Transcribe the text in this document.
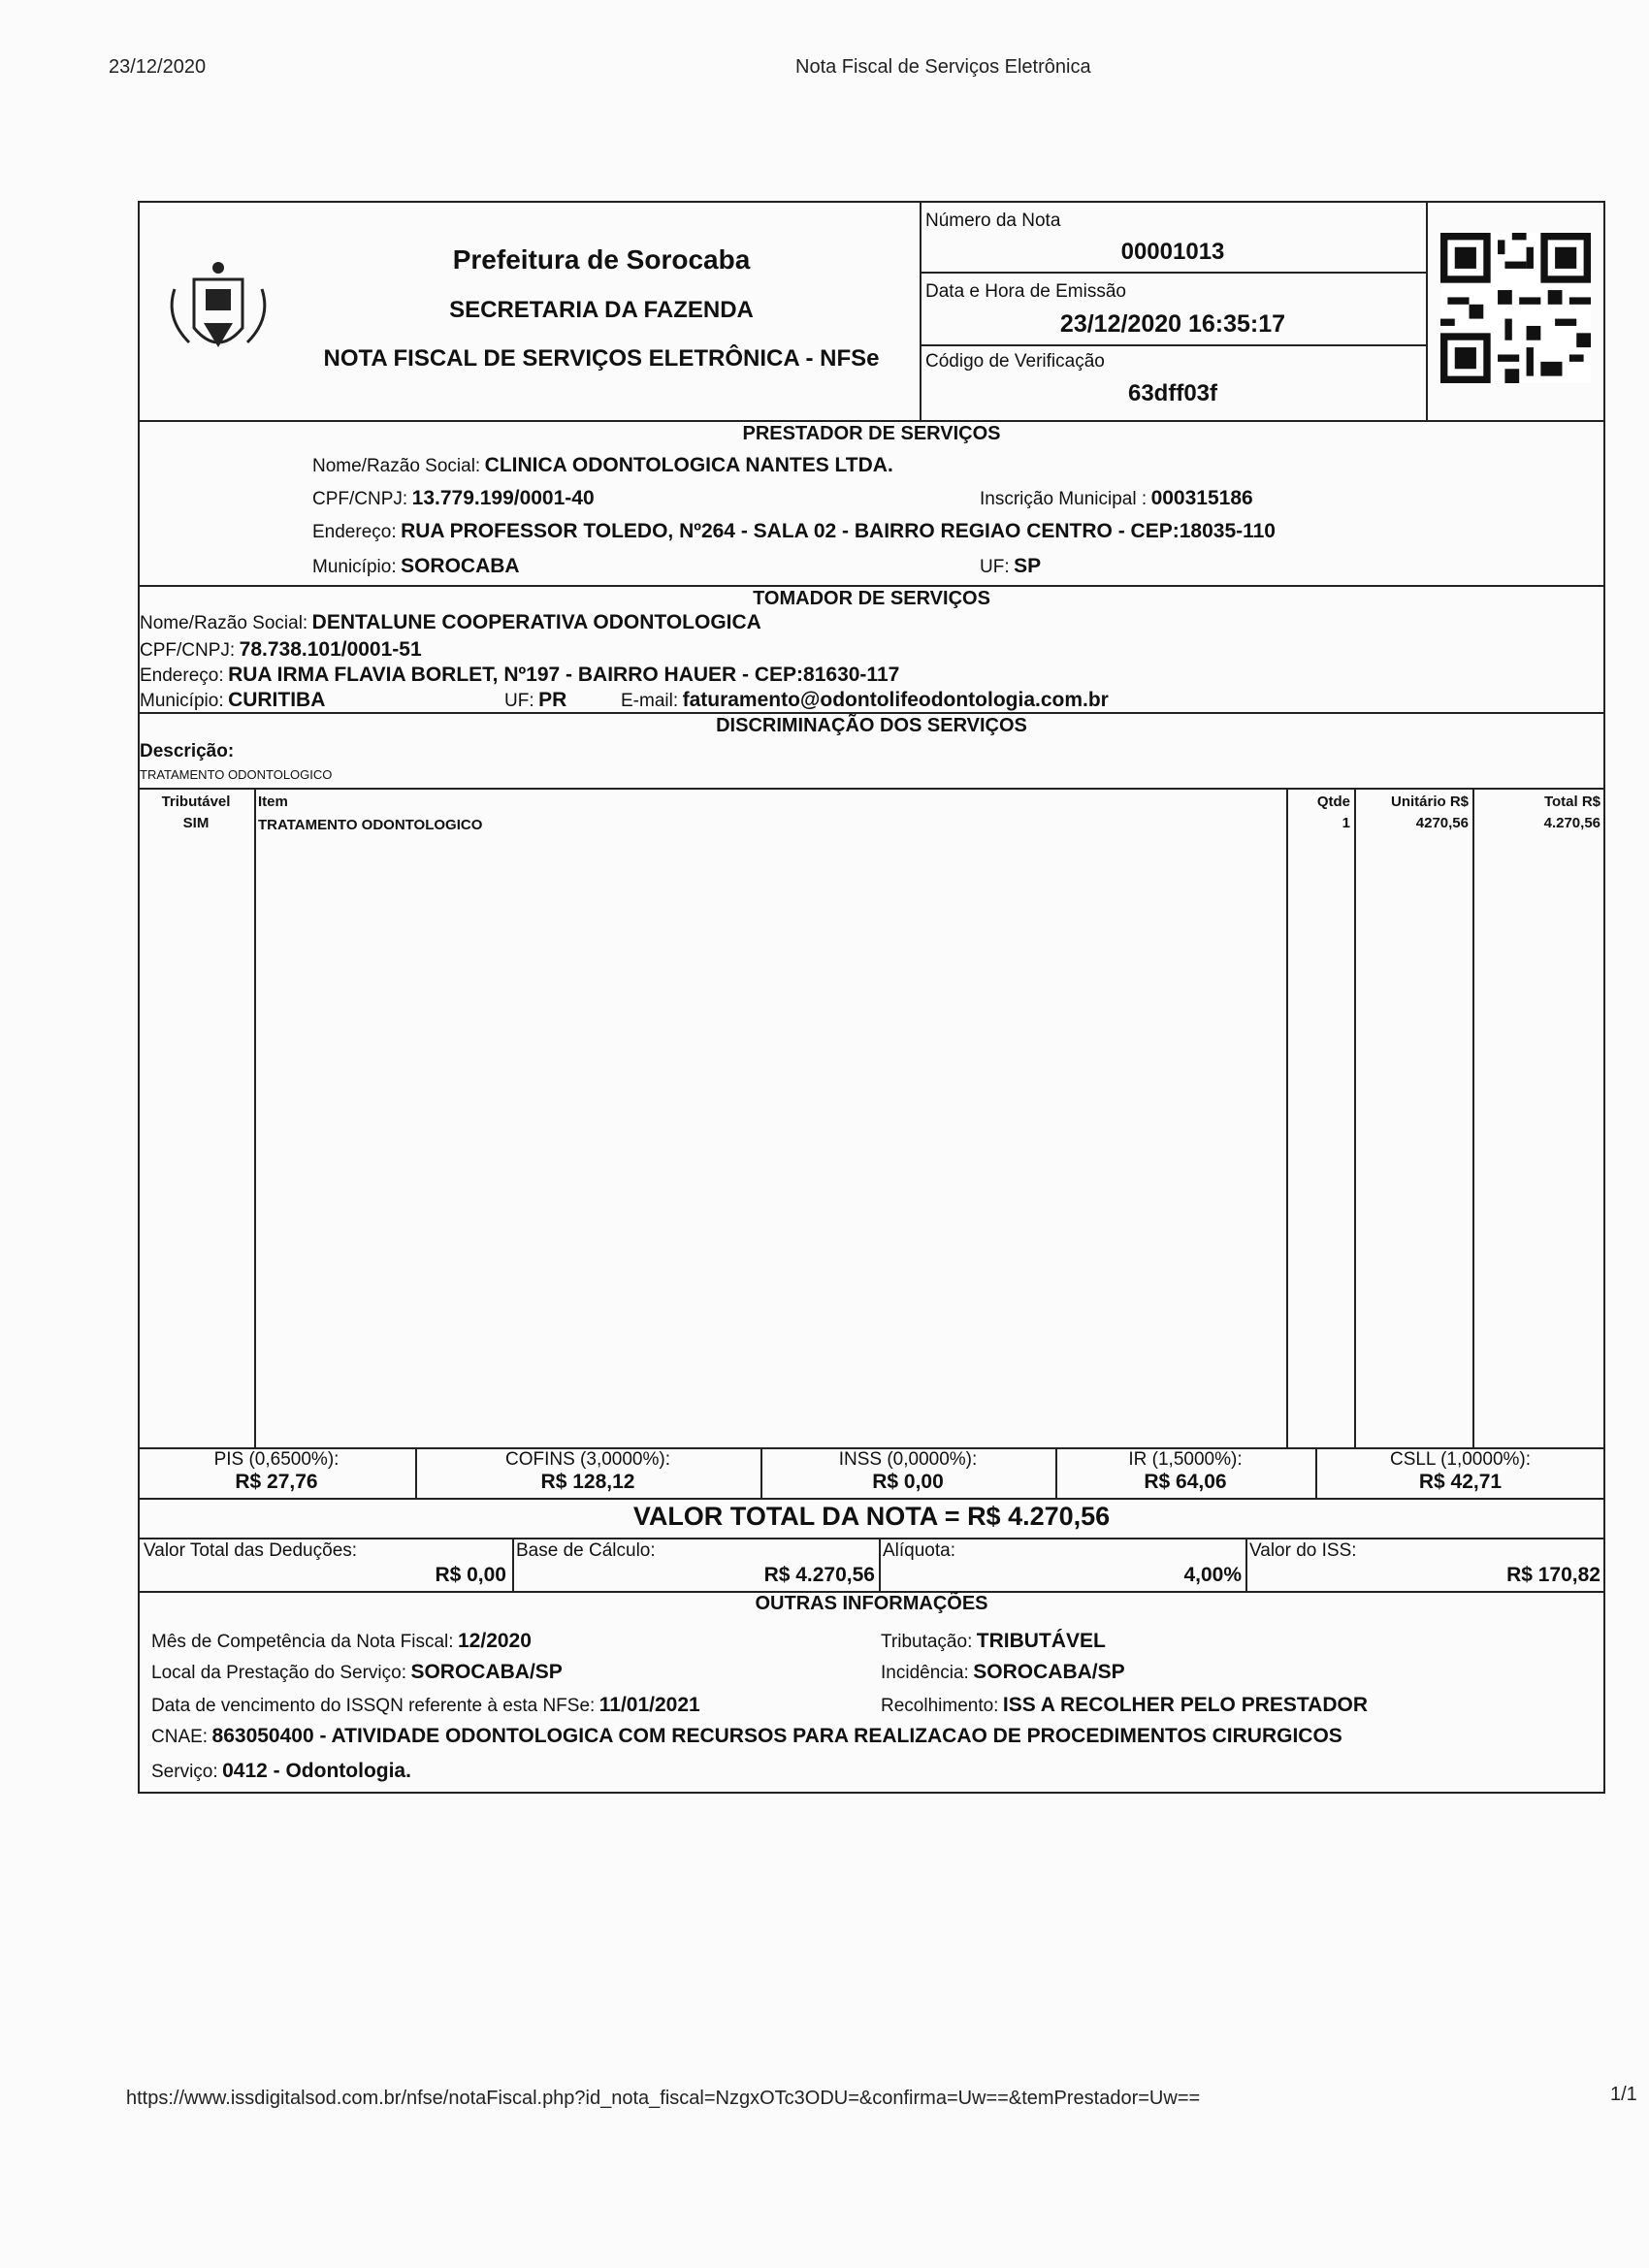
23/12/2020	Nota Fiscal de Serviços Eletrônica
Prefeitura de Sorocaba
SECRETARIA DA FAZENDA
NOTA FISCAL DE SERVIÇOS ELETRÔNICA - NFSe
Número da Nota
00001013
Data e Hora de Emissão
23/12/2020 16:35:17
Código de Verificação
63dff03f
PRESTADOR DE SERVIÇOS
Nome/Razão Social: CLINICA ODONTOLOGICA NANTES LTDA.
CPF/CNPJ: 13.779.199/0001-40	Inscrição Municipal : 000315186
Endereço: RUA PROFESSOR TOLEDO, Nº264 - SALA 02 - BAIRRO REGIAO CENTRO - CEP:18035-110
Município: SOROCABA	UF: SP
TOMADOR DE SERVIÇOS
Nome/Razão Social: DENTALUNE COOPERATIVA ODONTOLOGICA
CPF/CNPJ: 78.738.101/0001-51
Endereço: RUA IRMA FLAVIA BORLET, Nº197 - BAIRRO HAUER - CEP:81630-117
Município: CURITIBA	UF: PR	E-mail: faturamento@odontolifeodontologia.com.br
DISCRIMINAÇÃO DOS SERVIÇOS
Descrição:
TRATAMENTO ODONTOLOGICO
Tributável	Item	Qtde	Unitário R$	Total R$
SIM	TRATAMENTO ODONTOLOGICO	1	4270,56	4.270,56
PIS (0,6500%):
R$ 27,76
COFINS (3,0000%):
R$ 128,12
INSS (0,0000%):
R$ 0,00
IR (1,5000%):
R$ 64,06
CSLL (1,0000%):
R$ 42,71
VALOR TOTAL DA NOTA = R$ 4.270,56
Valor Total das Deduções:
R$ 0,00
Base de Cálculo:
R$ 4.270,56
Alíquota:
4,00%
Valor do ISS:
R$ 170,82
OUTRAS INFORMAÇÕES
Mês de Competência da Nota Fiscal: 12/2020	Tributação: TRIBUTÁVEL
Local da Prestação do Serviço: SOROCABA/SP	Incidência: SOROCABA/SP
Data de vencimento do ISSQN referente à esta NFSe: 11/01/2021	Recolhimento: ISS A RECOLHER PELO PRESTADOR
CNAE: 863050400 - ATIVIDADE ODONTOLOGICA COM RECURSOS PARA REALIZACAO DE PROCEDIMENTOS CIRURGICOS
Serviço: 0412 - Odontologia.
https://www.issdigitalsod.com.br/nfse/notaFiscal.php?id_nota_fiscal=NzgxOTc3ODU=&confirma=Uw==&temPrestador=Uw==	1/1
